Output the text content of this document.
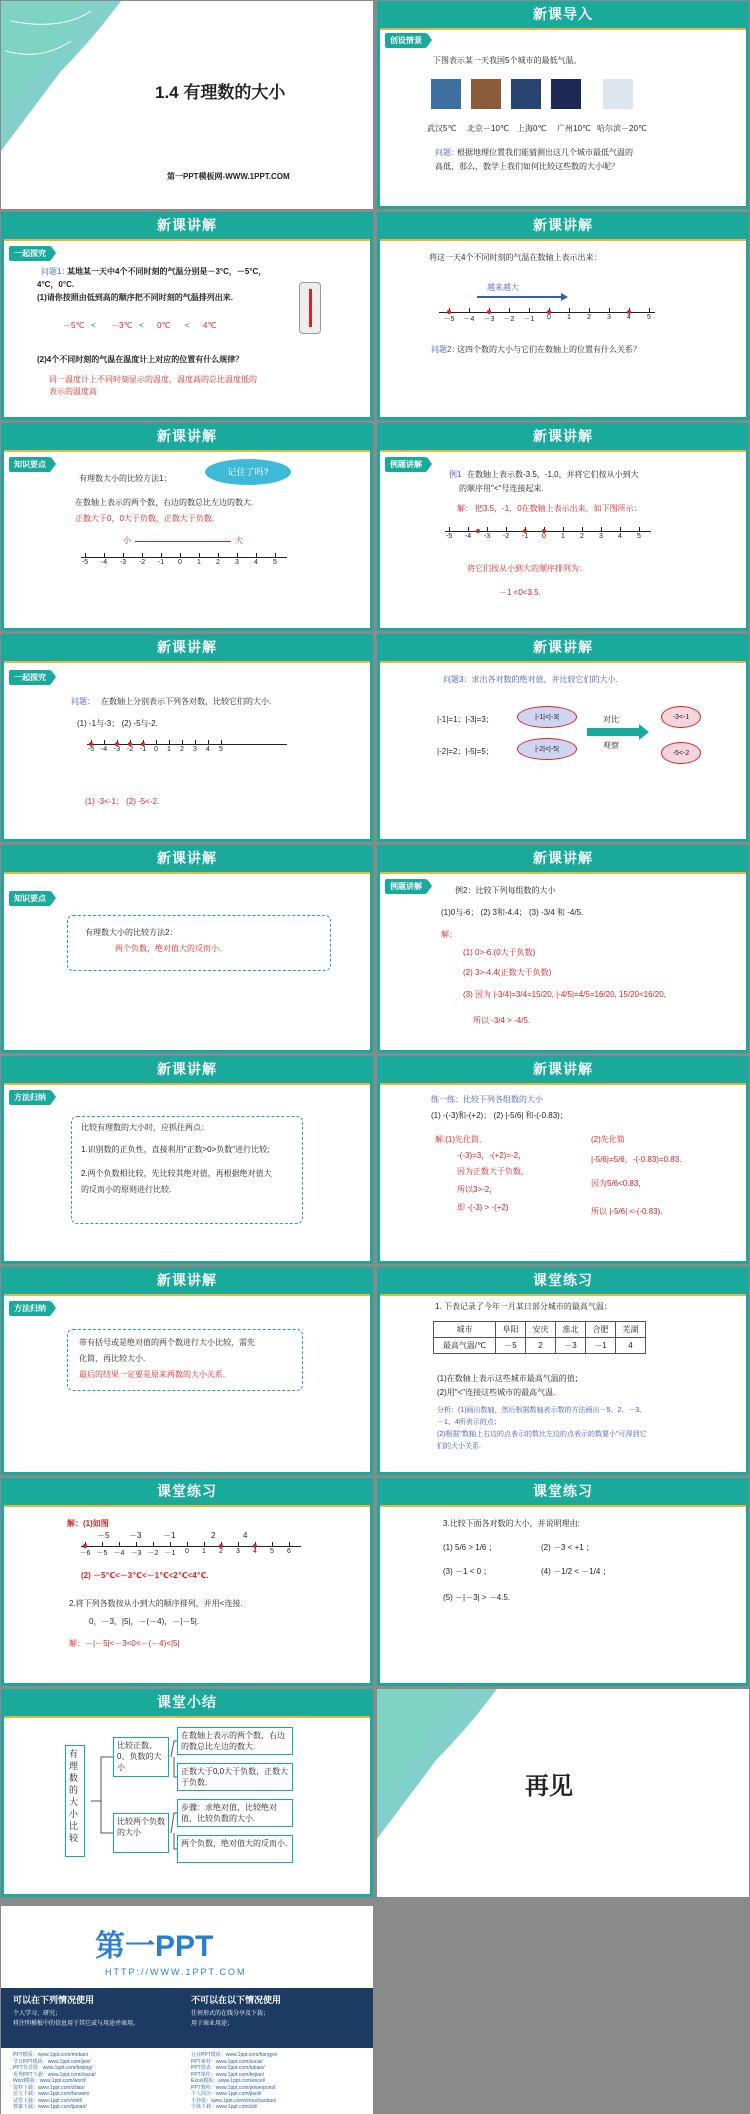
1.4 有理数的大小
第一PPT模板网-WWW.1PPT.COM
新课导入
创设情景
下图表示某一天我国5个城市的最低气温。
武汉5℃ 北京－10℃ 上海0℃ 广州10℃ 哈尔滨－20℃
问题：
根据地理位置我们能猜测出这几个城市最低气温的
高低，那么，数学上我们如何比较这些数的大小呢？
新课讲解
一起探究
问题1：
某地某一天中4个不同时刻的气温分别是－3°C，－5°C，
4°C，0°C.
(1)请你按照由低到高的顺序把不同时刻的气温排列出来.
－5℃ < －3℃ < 0℃ < 4℃
(2)4个不同时刻的气温在温度计上对应的位置有什么规律？
同一温度计上不同时刻显示的温度，温度高的总比温度低的
表示的温度高
新课讲解
将这一天4个不同时刻的气温在数轴上表示出来：
越来越大
问题2：
这四个数的大小与它们在数轴上的位置有什么关系？
－5	－4	－3	－2	－1	0	1	2	3	4	5
新课讲解
知识要点
记住了吗?
有理数大小的比较方法1：
在数轴上表示的两个数，右边的数总比左边的数大.
正数大于0，0大于负数，正数大于负数.
小	大
-5	-4	-3	-2	-1	0	1	2	3	4	5
新课讲解
例题讲解
例1 在数轴上表示数-3.5，-1,0，并将它们按从小到大
的顺序用"<"号连接起来.
解： 把3.5，-1，0在数轴上表示出来，如下图所示：
将它们按从小到大的顺序排列为：
－1 <0<3.5.
-5	-4	-3	-2	-1	0	1	2	3	4	5
新课讲解
一起探究
问题： 在数轴上分别表示下列各对数，比较它们的大小.
(1) -1与-3； (2) -5与-2.
(1) -3<-1； (2) -5<-2.
-5 -4 -3 -2 -1	0	1	2	3	4	5
新课讲解
问题3：求出各对数的绝对值，并比较它们的大小.
|-1|=1；|-3|=3；
|-2|=2；|-5|=5；
|-1|<|-3|
|-2|<|-5|
对比
观察
-3<-1
-5<-2
新课讲解
知识要点
有理数大小的比较方法2：
两个负数，绝对值大的反而小.
新课讲解
例题讲解	例2：比较下列每组数的大小
(1)0与-6； (2) 3和-4.4； (3) -3/4 和 -4/5.
解：
(1) 0>-6.(0大于负数)
(2) 3>-4.4(正数大于负数)
(3) 因为 |-3/4|=3/4=15/20, |-4/5|=4/5=16/20, 15/20<16/20,
所以 -3/4 > -4/5.
新课讲解
方法归纳
比较有理数的大小时，应抓住两点：
1.识别数的正负性，直接利用"正数>0>负数"进行比较;
2.两个负数相比较，先比较其绝对值，再根据绝对值大
的反而小的原则进行比较.
新课讲解
练一练：比较下列各组数的大小
(1) -(-3)和-(+2)； (2) |-5/6| 和-(-0.83)；
解:(1)先化简,
-(-3)=3，-(+2)=-2，
因为正数大于负数，
所以3>-2，
即 -(-3) > -(+2)
(2)先化简
|-5/6|=5/6，-(-0.83)=0.83.
因为5/6<0.83，
所以 |-5/6| <-(-0.83).
新课讲解
方法归纳
带有括号或是绝对值的两个数进行大小比较，需先
化简，再比较大小.
最后的结果一定要是原来两数的大小关系.
课堂练习
1. 下表记录了今年一月某日部分城市的最高气温：
城市	阜阳	安庆	淮北	合肥	芜湖
最高气温/℃	－5	2	－3	－1	4
(1)在数轴上表示这些城市最高气温的值；
(2)用"<"连接这些城市的最高气温.
分析：(1)画出数轴，然后根据数轴表示数的方法画出－5、2、－3、
－1、4所表示的点；
(2)根据"数轴上右边的点表示的数比左边的点表示的数要小"可得到它
们的大小关系.
课堂练习
解：(1)如图
－5 －3	－1	2	4
(2) －5℃<－3℃<－1℃<2℃<4℃.
2.将下列各数按从小到大的顺序排列，并用<连接.
0，－3，|5|，－(－4)，－|－5|.
解：－|－5|<－3<0<－(－4)<|5|
－6 －5 －4 －3 －2 －1	0	1	2	3	4	5	6
课堂练习
3.比较下面各对数的大小，并说明理由:
(1) 5/6 > 1/6 ；	(2) －3 < +1 ；
(3) －1 < 0 ；	(4) －1/2 < －1/4 ；
(5) －|－3| > －4.5.
课堂小结
有理数的大小比较
比较正数、0、负数的大小
比较两个负数的大小
在数轴上表示的两个数，右边的数总比左边的数大.
正数大于0,0大于负数，正数大于负数.
步骤：求绝对值，比较绝对值，比较负数的大小.
两个负数，绝对值大的反而小.
再见
第一PPT
HTTP://WWW.1PPT.COM
可以在下列情况使用
个人学习、研究；
将注明模板中的信息用于其它或与用途并商用。
不可以在以下情况使用
任何形式的在线分享及下载；
用于商业用途；
PPT模板：www.1ppt.com/moban/
节日PPT模板：www.1ppt.com/jieri/
PPT背景图：www.1ppt.com/beijing/
优秀PPT下载：www.1ppt.com/xiazai/
Word模板：www.1ppt.com/word/
资料下载：www.1ppt.com/ziliao/
范文下载：www.1ppt.com/fanwen/
试卷下载：www.1ppt.com/shiti/
教案下载：www.1ppt.com/jiaoan/
行业PPT模板：www.1ppt.com/hangye/
PPT素材：www.1ppt.com/sucai/
PPT图表：www.1ppt.com/tubiao/
PPT课件：www.1ppt.com/kejian/
Excel模板：www.1ppt.com/excel/
PPT教程：www.1ppt.com/powerpoint/
个人简历：www.1ppt.com/jianli/
手抄报：www.1ppt.com/shouchaobao/
字体下载：www.1ppt.com/ziti/
